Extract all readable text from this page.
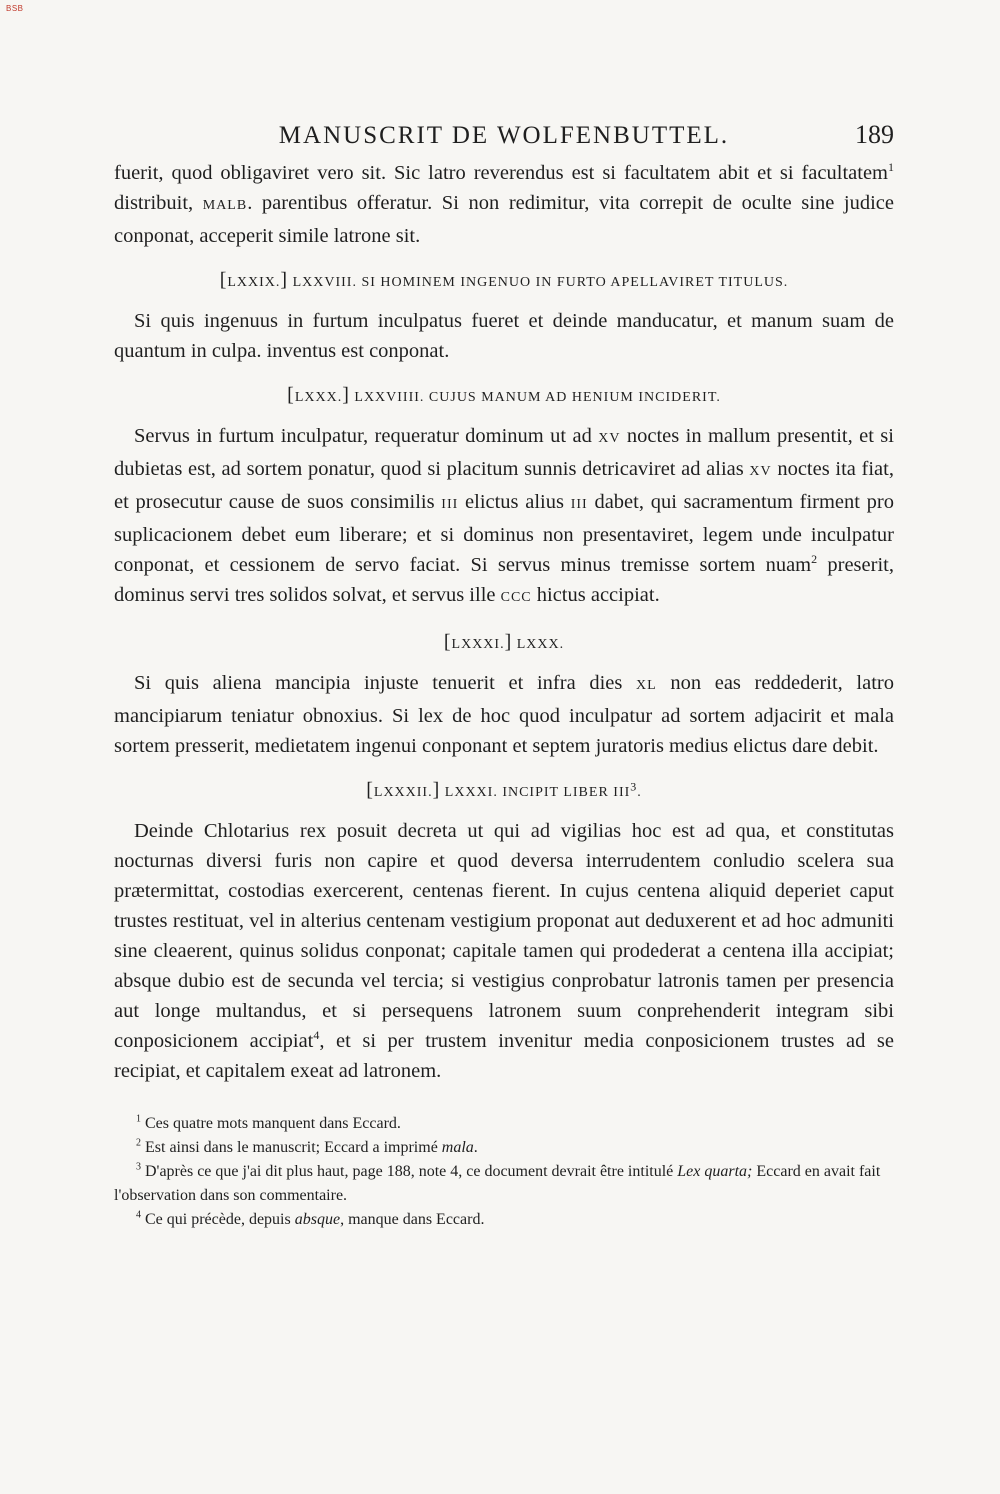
BSB
MANUSCRIT DE WOLFENBUTTEL.	189

fuerit, quod obligaviret vero sit. Sic latro reverendus est si facultatem abit et si facultatem$^1$ distribuit, MALB. parentibus offeratur. Si non redimitur, vita correpit de oculte sine judice conponat, acceperit simile latrone sit.

[LXXIX.] LXXVIII. SI HOMINEM INGENUO IN FURTO APELLAVIRET TITULUS.

Si quis ingenuus in furtum inculpatus fueret et deinde manducatur, et manum suam de quantum in culpa. inventus est conponat.

[LXXX.] LXXVIIII. CUJUS MANUM AD HENIUM INCIDERIT.

Servus in furtum inculpatur, requeratur dominum ut ad XV noctes in mallum presentit, et si dubietas est, ad sortem ponatur, quod si placitum sunnis detricaviret ad alias XV noctes ita fiat, et prosecutur cause de suos consimilis III elictus alius III dabet, qui sacramentum firment pro suplicacionem debet eum liberare; et si dominus non presentaviret, legem unde inculpatur conponat, et cessionem de servo faciat. Si servus minus tremisse sortem nuam$^2$ preserit, dominus servi tres solidos solvat, et servus ille CCC hictus accipiat.

[LXXXI.] LXXX.

Si quis aliena mancipia injuste tenuerit et infra dies XL non eas reddederit, latro mancipiarum teniatur obnoxius. Si lex de hoc quod inculpatur ad sortem adjacirit et mala sortem presserit, medietatem ingenui conponant et septem juratoris medius elictus dare debit.

[LXXXII.] LXXXI. INCIPIT LIBER III$^3$.

Deinde Chlotarius rex posuit decreta ut qui ad vigilias hoc est ad qua, et constitutas nocturnas diversi furis non capire et quod deversa interrudentem conludio scelera sua prætermittat, costodias exercerent, centenas fierent. In cujus centena aliquid deperiet caput trustes restituat, vel in alterius centenam vestigium proponat aut deduxerent et ad hoc admuniti sine cleaerent, quinus solidus conponat; capitale tamen qui prodederat a centena illa accipiat; absque dubio est de secunda vel tercia; si vestigius conprobatur latronis tamen per presencia aut longe multandus, et si persequens latronem suum conprehenderit integram sibi conposicionem accipiat$^4$, et si per trustem invenitur media conposicionem trustes ad se recipiat, et capitalem exeat ad latronem.

$^1$ Ces quatre mots manquent dans Eccard.

$^2$ Est ainsi dans le manuscrit; Eccard a imprimé mala.

$^3$ D'après ce que j'ai dit plus haut, page 188, note 4, ce document devrait être intitulé Lex quarta; Eccard en avait fait l'observation dans son commentaire.

$^4$ Ce qui précède, depuis absque, manque dans Eccard.
